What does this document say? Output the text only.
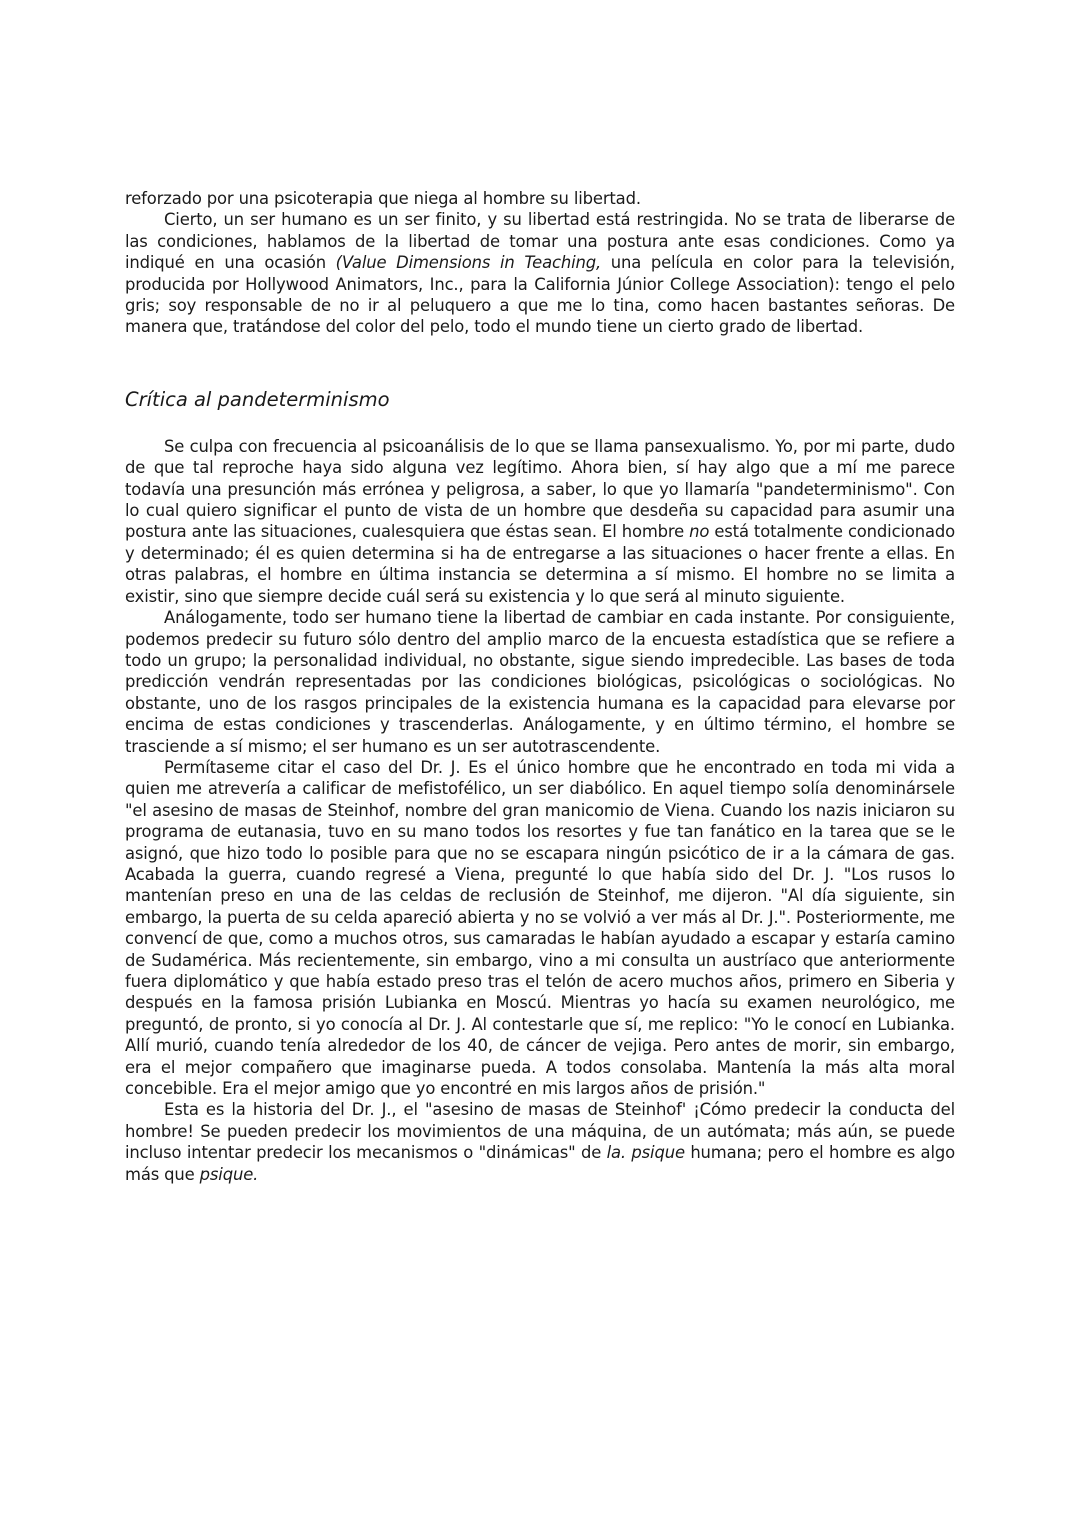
reforzado por una psicoterapia que niega al hombre su libertad.

Cierto, un ser humano es un ser finito, y su libertad está restringida. No se trata de liberarse de las condiciones, hablamos de la libertad de tomar una postura ante esas condiciones. Como ya indiqué en una ocasión (Value Dimensions in Teaching, una película en color para la televisión, producida por Hollywood Animators, Inc., para la California Júnior College Association): tengo el pelo gris; soy responsable de no ir al peluquero a que me lo tina, como hacen bastantes señoras. De manera que, tratándose del color del pelo, todo el mundo tiene un cierto grado de libertad.

Crítica al pandeterminismo

Se culpa con frecuencia al psicoanálisis de lo que se llama pansexualismo. Yo, por mi parte, dudo de que tal reproche haya sido alguna vez legítimo. Ahora bien, sí hay algo que a mí me parece todavía una presunción más errónea y peligrosa, a saber, lo que yo llamaría "pandeterminismo". Con lo cual quiero significar el punto de vista de un hombre que desdeña su capacidad para asumir una postura ante las situaciones, cualesquiera que éstas sean. El hombre no está totalmente condicionado y determinado; él es quien determina si ha de entregarse a las situaciones o hacer frente a ellas. En otras palabras, el hombre en última instancia se determina a sí mismo. El hombre no se limita a existir, sino que siempre decide cuál será su existencia y lo que será al minuto siguiente.

Análogamente, todo ser humano tiene la libertad de cambiar en cada instante. Por consiguiente, podemos predecir su futuro sólo dentro del amplio marco de la encuesta estadística que se refiere a todo un grupo; la personalidad individual, no obstante, sigue siendo impredecible. Las bases de toda predicción vendrán representadas por las condiciones biológicas, psicológicas o sociológicas. No obstante, uno de los rasgos principales de la existencia humana es la capacidad para elevarse por encima de estas condiciones y trascenderlas. Análogamente, y en último término, el hombre se trasciende a sí mismo; el ser humano es un ser autotrascendente.

Permítaseme citar el caso del Dr. J. Es el único hombre que he encontrado en toda mi vida a quien me atrevería a calificar de mefistofélico, un ser diabólico. En aquel tiempo solía denominársele "el asesino de masas de Steinhof, nombre del gran manicomio de Viena. Cuando los nazis iniciaron su programa de eutanasia, tuvo en su mano todos los resortes y fue tan fanático en la tarea que se le asignó, que hizo todo lo posible para que no se escapara ningún psicótico de ir a la cámara de gas. Acabada la guerra, cuando regresé a Viena, pregunté lo que había sido del Dr. J. "Los rusos lo mantenían preso en una de las celdas de reclusión de Steinhof, me dijeron. "Al día siguiente, sin embargo, la puerta de su celda apareció abierta y no se volvió a ver más al Dr. J.". Posteriormente, me convencí de que, como a muchos otros, sus camaradas le habían ayudado a escapar y estaría camino de Sudamérica. Más recientemente, sin embargo, vino a mi consulta un austríaco que anteriormente fuera diplomático y que había estado preso tras el telón de acero muchos años, primero en Siberia y después en la famosa prisión Lubianka en Moscú. Mientras yo hacía su examen neurológico, me preguntó, de pronto, si yo conocía al Dr. J. Al contestarle que sí, me replico: "Yo le conocí en Lubianka. Allí murió, cuando tenía alrededor de los 40, de cáncer de vejiga. Pero antes de morir, sin embargo, era el mejor compañero que imaginarse pueda. A todos consolaba. Mantenía la más alta moral concebible. Era el mejor amigo que yo encontré en mis largos años de prisión."

Esta es la historia del Dr. J., el "asesino de masas de Steinhof' ¡Cómo predecir la conducta del hombre! Se pueden predecir los movimientos de una máquina, de un autómata; más aún, se puede incluso intentar predecir los mecanismos o "dinámicas" de la. psique humana; pero el hombre es algo más que psique.
